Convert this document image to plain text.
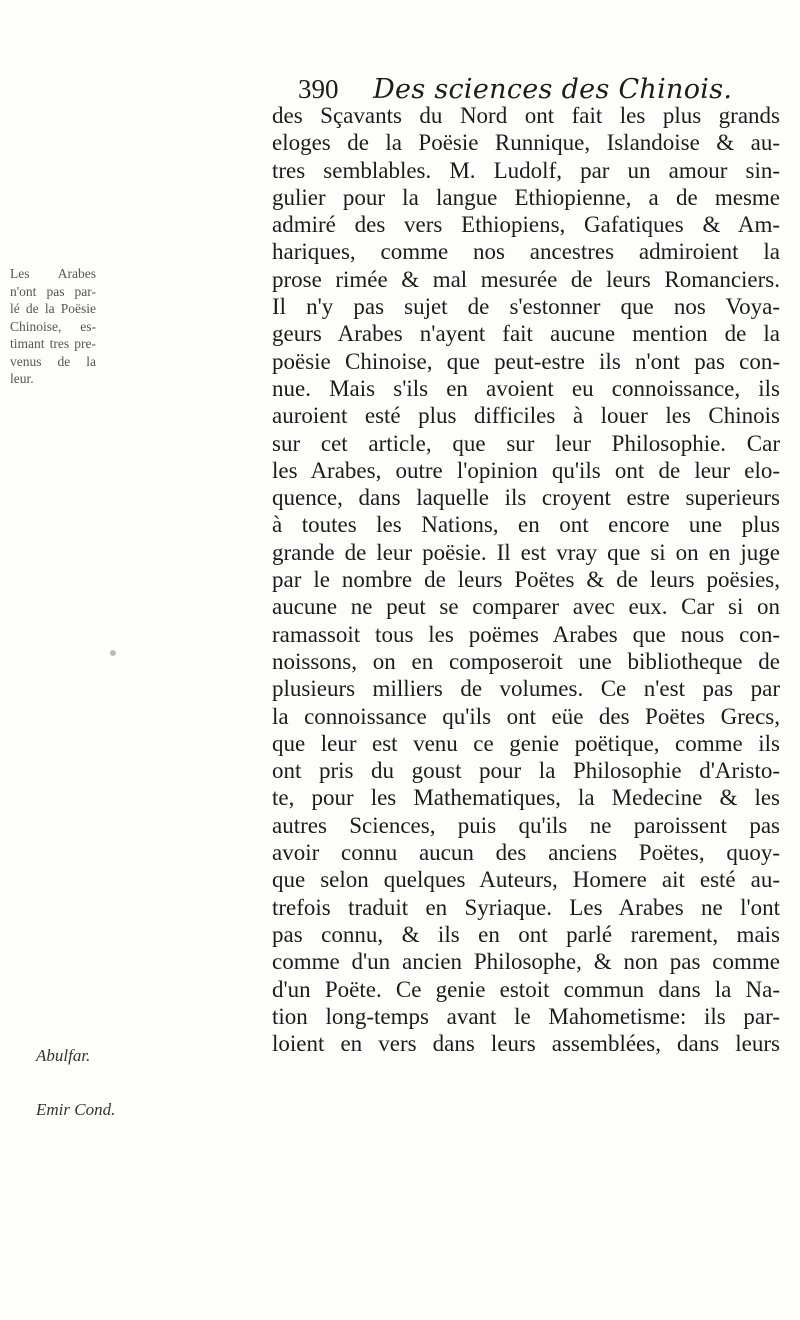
390 Des sciences des Chinois.
des Sçavants du Nord ont fait les plus grands
eloges de la Poësie Runnique, Islandoise & au-
tres semblables. M. Ludolf, par un amour sin-
gulier pour la langue Ethiopienne, a de mesme
admiré des vers Ethiopiens, Gafatiques & Am-
hariques, comme nos ancestres admiroient la
prose rimée & mal mesurée de leurs Romanciers.
Il n'y pas sujet de s'estonner que nos Voya-
geurs Arabes n'ayent fait aucune mention de la
poësie Chinoise, que peut-estre ils n'ont pas con-
nue. Mais s'ils en avoient eu connoissance, ils
auroient esté plus difficiles à louer les Chinois
sur cet article, que sur leur Philosophie. Car
les Arabes, outre l'opinion qu'ils ont de leur elo-
quence, dans laquelle ils croyent estre superieurs
à toutes les Nations, en ont encore une plus
grande de leur poësie. Il est vray que si on en juge
par le nombre de leurs Poëtes & de leurs poësies,
aucune ne peut se comparer avec eux. Car si on
ramassoit tous les poëmes Arabes que nous con-
noissons, on en composeroit une bibliotheque de
plusieurs milliers de volumes. Ce n'est pas par
la connoissance qu'ils ont eüe des Poëtes Grecs,
que leur est venu ce genie poëtique, comme ils
ont pris du goust pour la Philosophie d'Aristo-
te, pour les Mathematiques, la Medecine & les
autres Sciences, puis qu'ils ne paroissent pas
avoir connu aucun des anciens Poëtes, quoy-
que selon quelques Auteurs, Homere ait esté au-
trefois traduit en Syriaque. Les Arabes ne l'ont
pas connu, & ils en ont parlé rarement, mais
comme d'un ancien Philosophe, & non pas comme
d'un Poëte. Ce genie estoit commun dans la Na-
tion long-temps avant le Mahometisme: ils par-
loient en vers dans leurs assemblées, dans leurs
Les Arabes
n'ont pas par-
lé de la Poësie
Chinoise, es-
timant tres pre-
venus de la
leur.
Abulfar.
Emir Cond.
